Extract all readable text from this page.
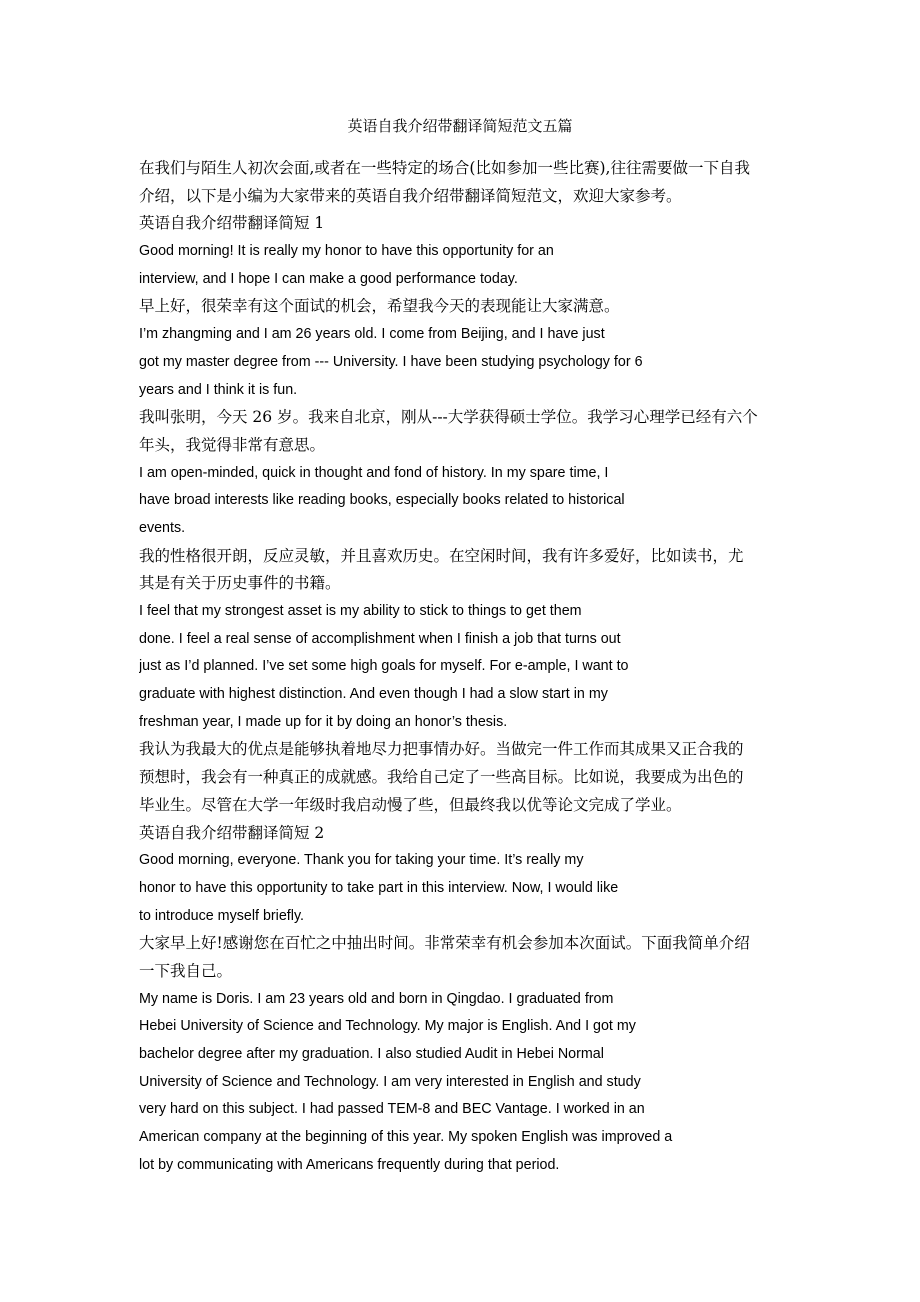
英语自我介绍带翻译简短范文五篇
在我们与陌生人初次会面,或者在一些特定的场合(比如参加一些比赛),往往需要做一下自我
介绍，以下是小编为大家带来的英语自我介绍带翻译简短范文，欢迎大家参考。
英语自我介绍带翻译简短 1
Good morning! It is really my honor to have this opportunity for an
interview, and I hope I can make a good performance today.
早上好，很荣幸有这个面试的机会，希望我今天的表现能让大家满意。
I’m zhangming and I am 26 years old. I come from Beijing, and I have just
got my master degree from --- University. I have been studying psychology for 6
years and I think it is fun.
我叫张明，今天 26 岁。我来自北京，刚从---大学获得硕士学位。我学习心理学已经有六个
年头，我觉得非常有意思。
I am open-minded, quick in thought and fond of history. In my spare time, I
have broad interests like reading books, especially books related to historical
events.
我的性格很开朗，反应灵敏，并且喜欢历史。在空闲时间，我有许多爱好，比如读书，尤
其是有关于历史事件的书籍。
I feel that my strongest asset is my ability to stick to things to get them
done. I feel a real sense of accomplishment when I finish a job that turns out
just as I’d planned. I’ve set some high goals for myself. For e-ample, I want to
graduate with highest distinction. And even though I had a slow start in my
freshman year, I made up for it by doing an honor’s thesis.
我认为我最大的优点是能够执着地尽力把事情办好。当做完一件工作而其成果又正合我的
预想时，我会有一种真正的成就感。我给自己定了一些高目标。比如说，我要成为出色的
毕业生。尽管在大学一年级时我启动慢了些，但最终我以优等论文完成了学业。
英语自我介绍带翻译简短 2
Good morning, everyone. Thank you for taking your time. It’s really my
honor to have this opportunity to take part in this interview. Now, I would like
to introduce myself briefly.
大家早上好!感谢您在百忙之中抽出时间。非常荣幸有机会参加本次面试。下面我简单介绍
一下我自己。
My name is Doris. I am 23 years old and born in Qingdao. I graduated from
Hebei University of Science and Technology. My major is English. And I got my
bachelor degree after my graduation. I also studied Audit in Hebei Normal
University of Science and Technology. I am very interested in English and study
very hard on this subject. I had passed TEM-8 and BEC Vantage. I worked in an
American company at the beginning of this year. My spoken English was improved a
lot by communicating with Americans frequently during that period.
